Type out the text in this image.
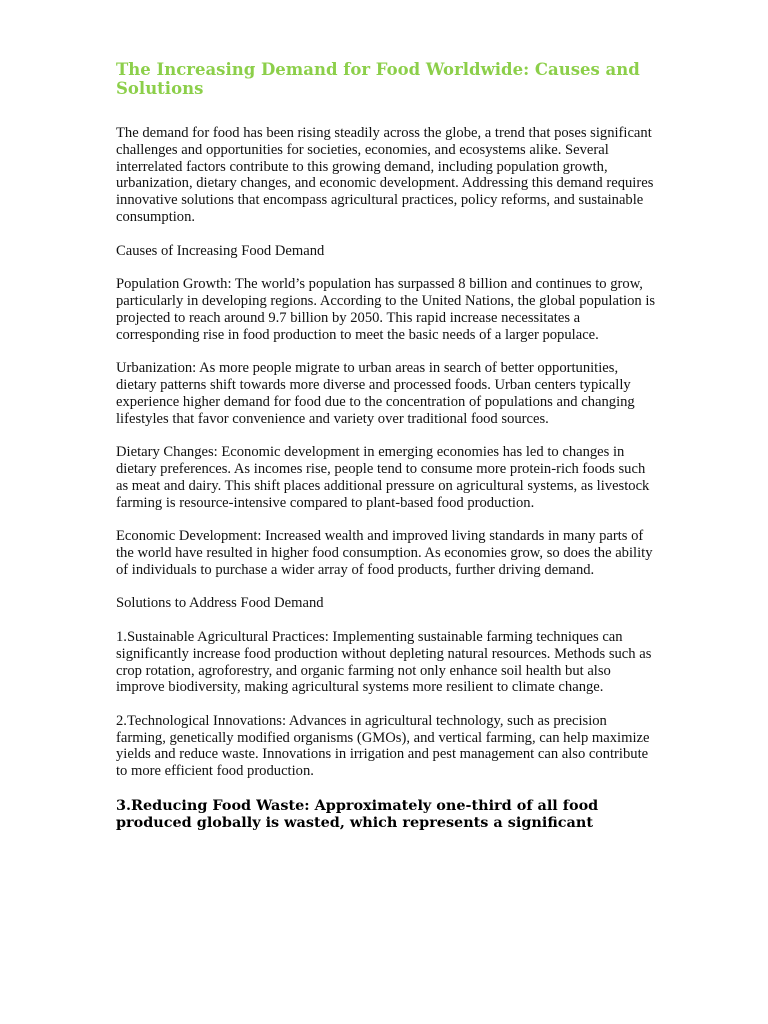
The Increasing Demand for Food Worldwide: Causes and Solutions

The demand for food has been rising steadily across the globe, a trend that poses significant challenges and opportunities for societies, economies, and ecosystems alike. Several interrelated factors contribute to this growing demand, including population growth, urbanization, dietary changes, and economic development. Addressing this demand requires innovative solutions that encompass agricultural practices, policy reforms, and sustainable consumption.

Causes of Increasing Food Demand

Population Growth: The world’s population has surpassed 8 billion and continues to grow, particularly in developing regions. According to the United Nations, the global population is projected to reach around 9.7 billion by 2050. This rapid increase necessitates a corresponding rise in food production to meet the basic needs of a larger populace.

Urbanization: As more people migrate to urban areas in search of better opportunities, dietary patterns shift towards more diverse and processed foods. Urban centers typically experience higher demand for food due to the concentration of populations and changing lifestyles that favor convenience and variety over traditional food sources.

Dietary Changes: Economic development in emerging economies has led to changes in dietary preferences. As incomes rise, people tend to consume more protein-rich foods such as meat and dairy. This shift places additional pressure on agricultural systems, as livestock farming is resource-intensive compared to plant-based food production.

Economic Development: Increased wealth and improved living standards in many parts of the world have resulted in higher food consumption. As economies grow, so does the ability of individuals to purchase a wider array of food products, further driving demand.

Solutions to Address Food Demand

1.Sustainable Agricultural Practices: Implementing sustainable farming techniques can significantly increase food production without depleting natural resources. Methods such as crop rotation, agroforestry, and organic farming not only enhance soil health but also improve biodiversity, making agricultural systems more resilient to climate change.

2.Technological Innovations: Advances in agricultural technology, such as precision farming, genetically modified organisms (GMOs), and vertical farming, can help maximize yields and reduce waste. Innovations in irrigation and pest management can also contribute to more efficient food production.

3.Reducing Food Waste: Approximately one-third of all food produced globally is wasted, which represents a significant
